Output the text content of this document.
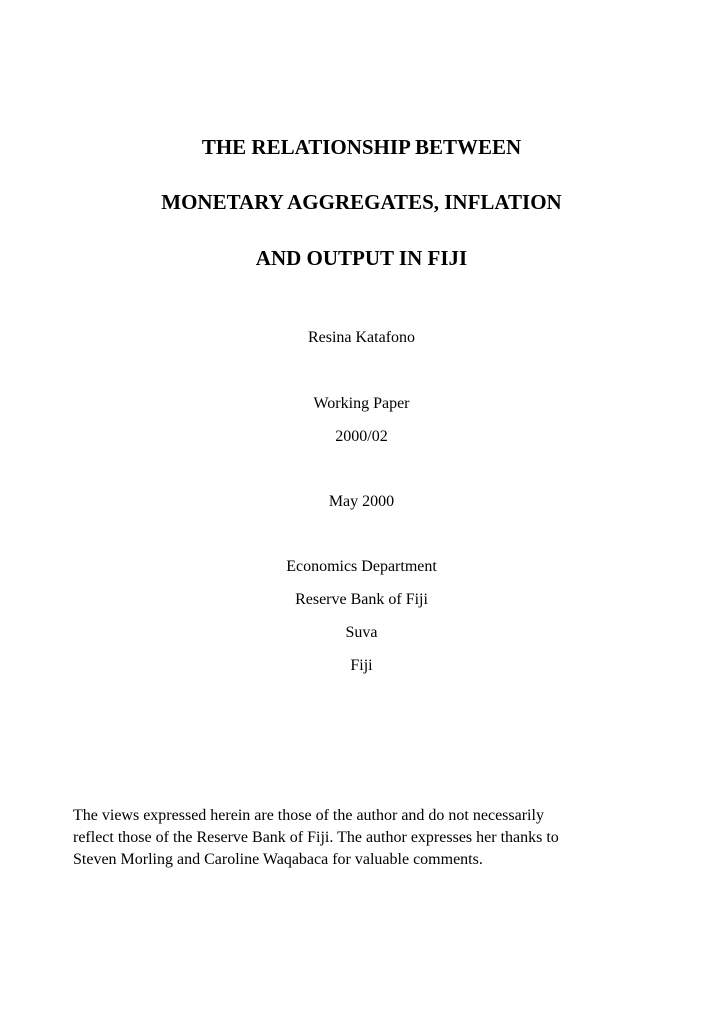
THE RELATIONSHIP BETWEEN
MONETARY AGGREGATES, INFLATION
AND OUTPUT IN FIJI
Resina Katafono
Working Paper
2000/02
May 2000
Economics Department
Reserve Bank of Fiji
Suva
Fiji
The views expressed herein are those of the author and do not necessarily
reflect those of the Reserve Bank of Fiji. The author expresses her thanks to
Steven Morling and Caroline Waqabaca for valuable comments.
